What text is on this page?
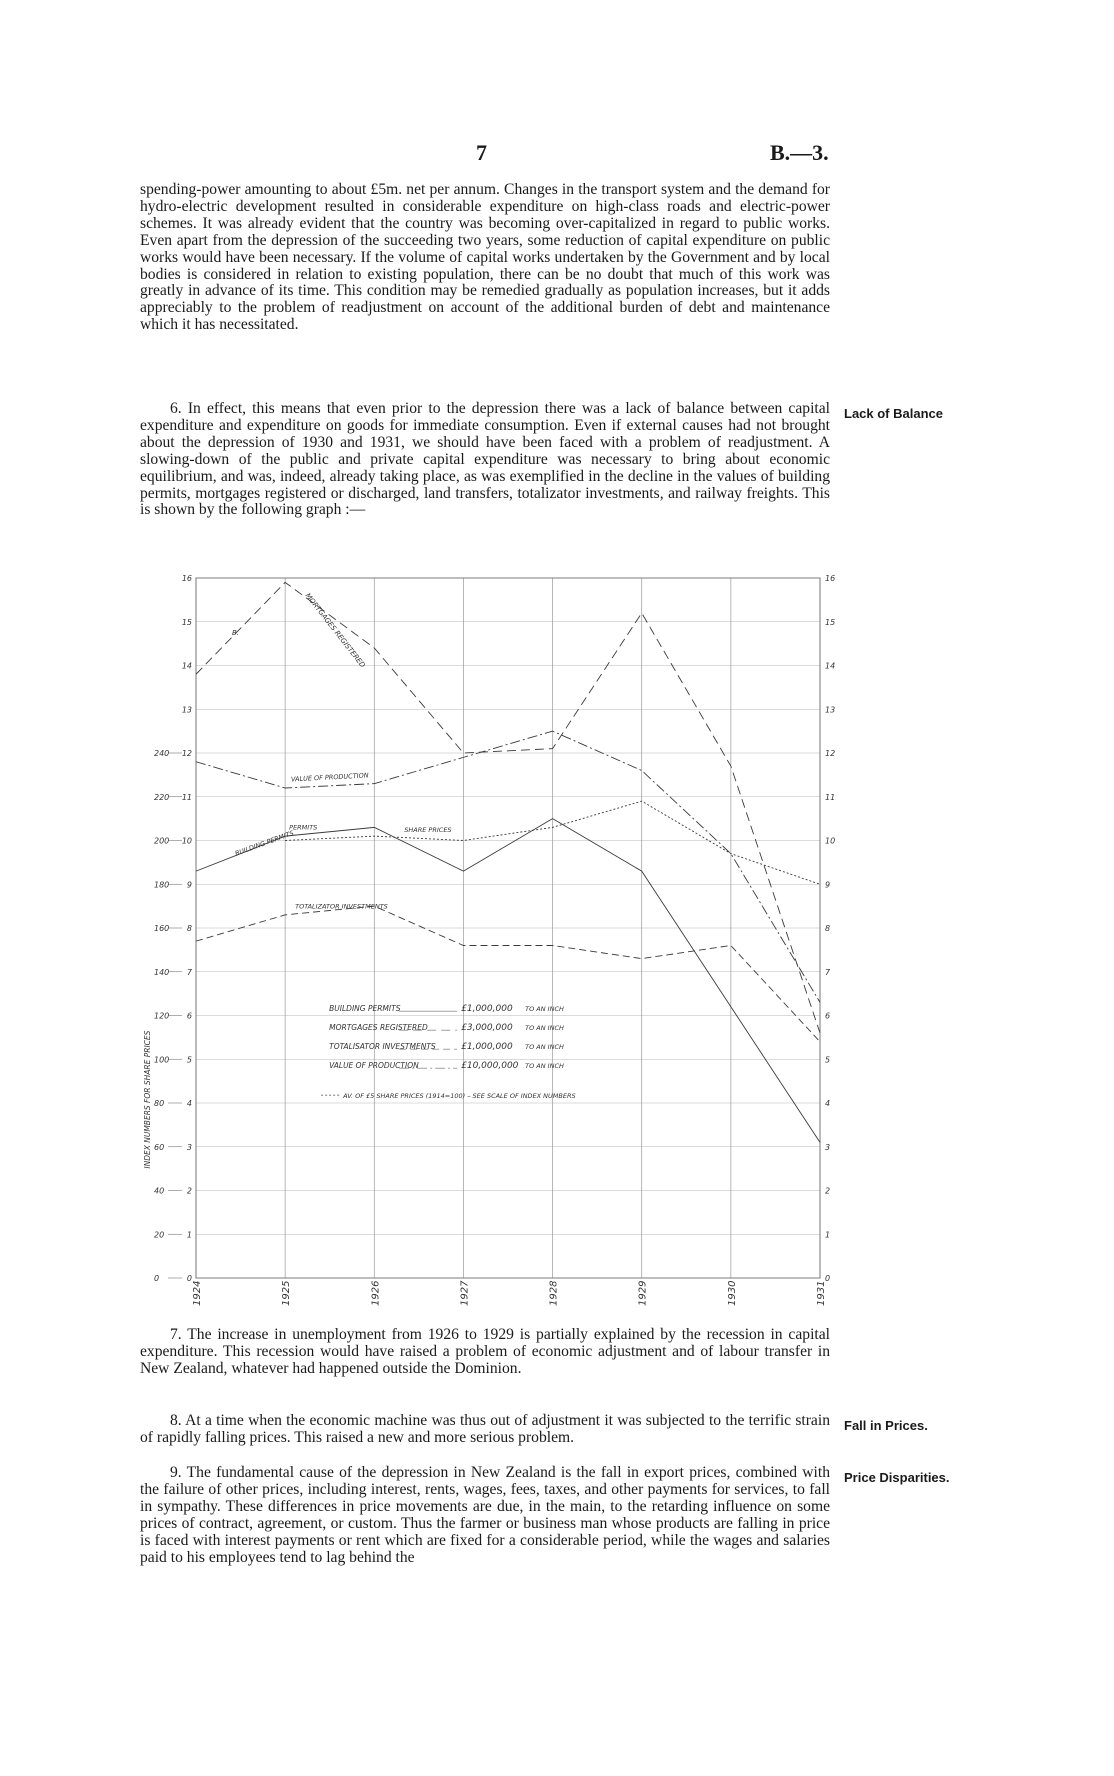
7	B.—3.

spending-power amounting to about £5m. net per annum. Changes in the transport system and the demand for hydro-electric development resulted in considerable expenditure on high-class roads and electric-power schemes. It was already evident that the country was becoming over-capitalized in regard to public works. Even apart from the depression of the succeeding two years, some reduction of capital expenditure on public works would have been necessary. If the volume of capital works undertaken by the Government and by local bodies is considered in relation to existing population, there can be no doubt that much of this work was greatly in advance of its time. This condition may be remedied gradually as population increases, but it adds appreciably to the problem of readjustment on account of the additional burden of debt and maintenance which it has necessitated.

6. In effect, this means that even prior to the depression there was a lack of balance between capital expenditure and expenditure on goods for immediate consumption. Even if external causes had not brought about the depression of 1930 and 1931, we should have been faced with a problem of readjustment. A slowing-down of the public and private capital expenditure was necessary to bring about economic equilibrium, and was, indeed, already taking place, as was exemplified in the decline in the values of building permits, mortgages registered or discharged, land transfers, totalizator investments, and railway freights. This is shown by the following graph :—

Lack of Balance
16
15
14
13
12
11
10
9
8
7
6
5
4
3
2
1
0
16
15
14
13
12
11
10
9
8
7
6
5
4
3
2
1
0
240
220
200
180
160
140
120
100
80
60
40
20
0
INDEX NUMBERS FOR SHARE PRICES
1924	1925	1926	1927	1928	1929	1930	1931
MORTGAGES REGISTERED
B.
VALUE OF PRODUCTION
BUILDING PERMITS
PERMITS	SHARE PRICES
TOTALIZATOR INVESTMENTS
BUILDING PERMITS	£1,000,000 TO AN INCH
MORTGAGES REGISTERED	£3,000,000 TO AN INCH
TOTALISATOR INVESTMENTS	£1,000,000 TO AN INCH
VALUE OF PRODUCTION	£10,000,000 TO AN INCH
AV. OF £5 SHARE PRICES (1914=100) – SEE SCALE OF INDEX NUMBERS

7. The increase in unemployment from 1926 to 1929 is partially explained by the recession in capital expenditure. This recession would have raised a problem of economic adjustment and of labour transfer in New Zealand, whatever had happened outside the Dominion.

8. At a time when the economic machine was thus out of adjustment it was subjected to the terrific strain of rapidly falling prices. This raised a new and more serious problem.

9. The fundamental cause of the depression in New Zealand is the fall in export prices, combined with the failure of other prices, including interest, rents, wages, fees, taxes, and other payments for services, to fall in sympathy. These differences in price movements are due, in the main, to the retarding influence on some prices of contract, agreement, or custom. Thus the farmer or business man whose products are falling in price is faced with interest payments or rent which are fixed for a considerable period, while the wages and salaries paid to his employees tend to lag behind the

Fall in Prices.
Price Disparities.
